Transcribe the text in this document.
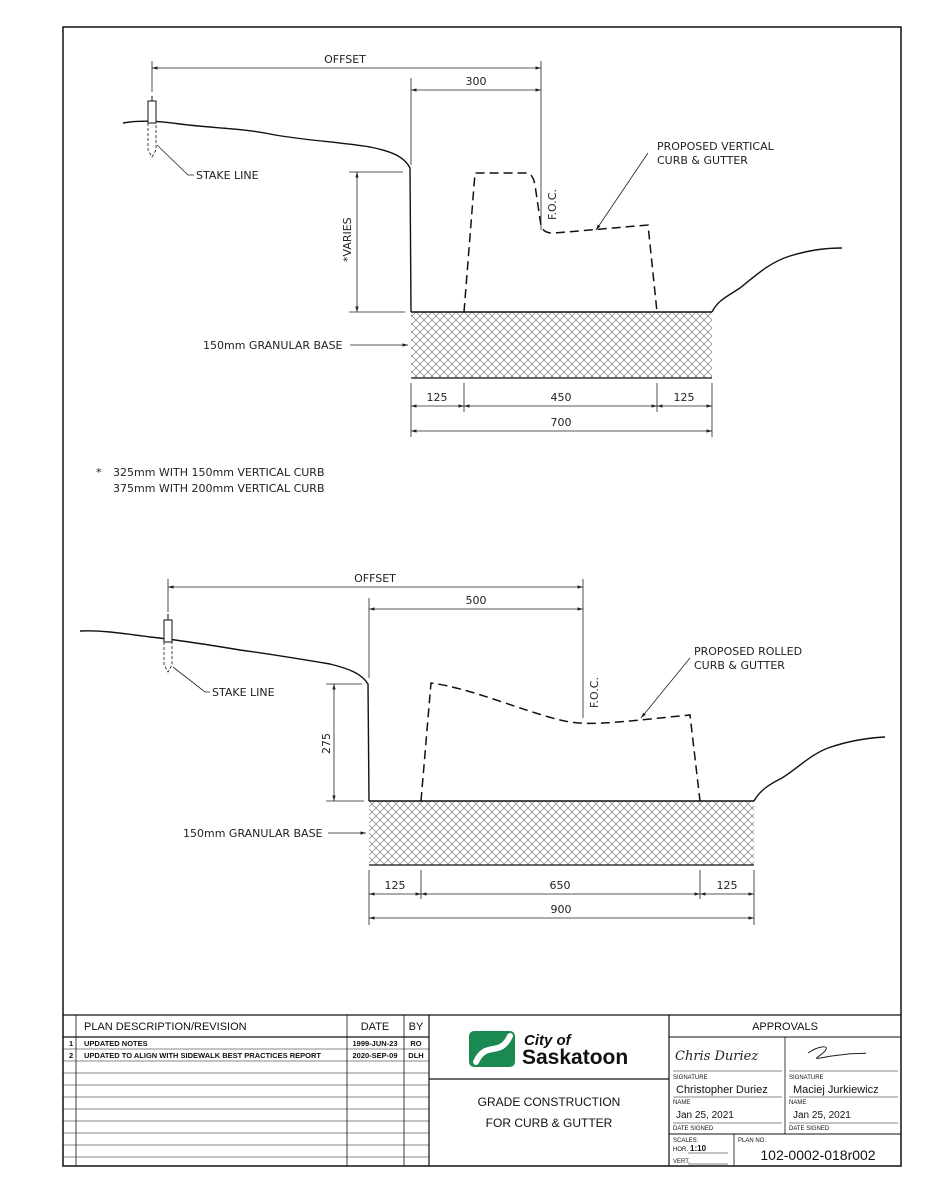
OFFSET
300
F.O.C.
STAKE LINE
PROPOSED VERTICAL
CURB & GUTTER
*VARIES
150mm GRANULAR BASE
125	450	125
700
* 325mm WITH 150mm VERTICAL CURB
375mm WITH 200mm VERTICAL CURB
OFFSET
500
F.O.C.
STAKE LINE
PROPOSED ROLLED
CURB & GUTTER
275
150mm GRANULAR BASE
125	650	125
900
PLAN DESCRIPTION/REVISION	DATE BY
1 UPDATED NOTES	1999-JUN-23 RO
2 UPDATED TO ALIGN WITH SIDEWALK BEST PRACTICES REPORT	2020-SEP-09 DLH
City of
Saskatoon
GRADE CONSTRUCTION
FOR CURB & GUTTER
APPROVALS
Chris Duriez
SIGNATURE
Christopher Duriez
NAME
Jan 25, 2021
DATE SIGNED
SIGNATURE
Maciej Jurkiewicz
NAME
Jan 25, 2021
DATE SIGNED
SCALES:
HOR. 1:10
VERT.
PLAN NO.
102-0002-018r002
